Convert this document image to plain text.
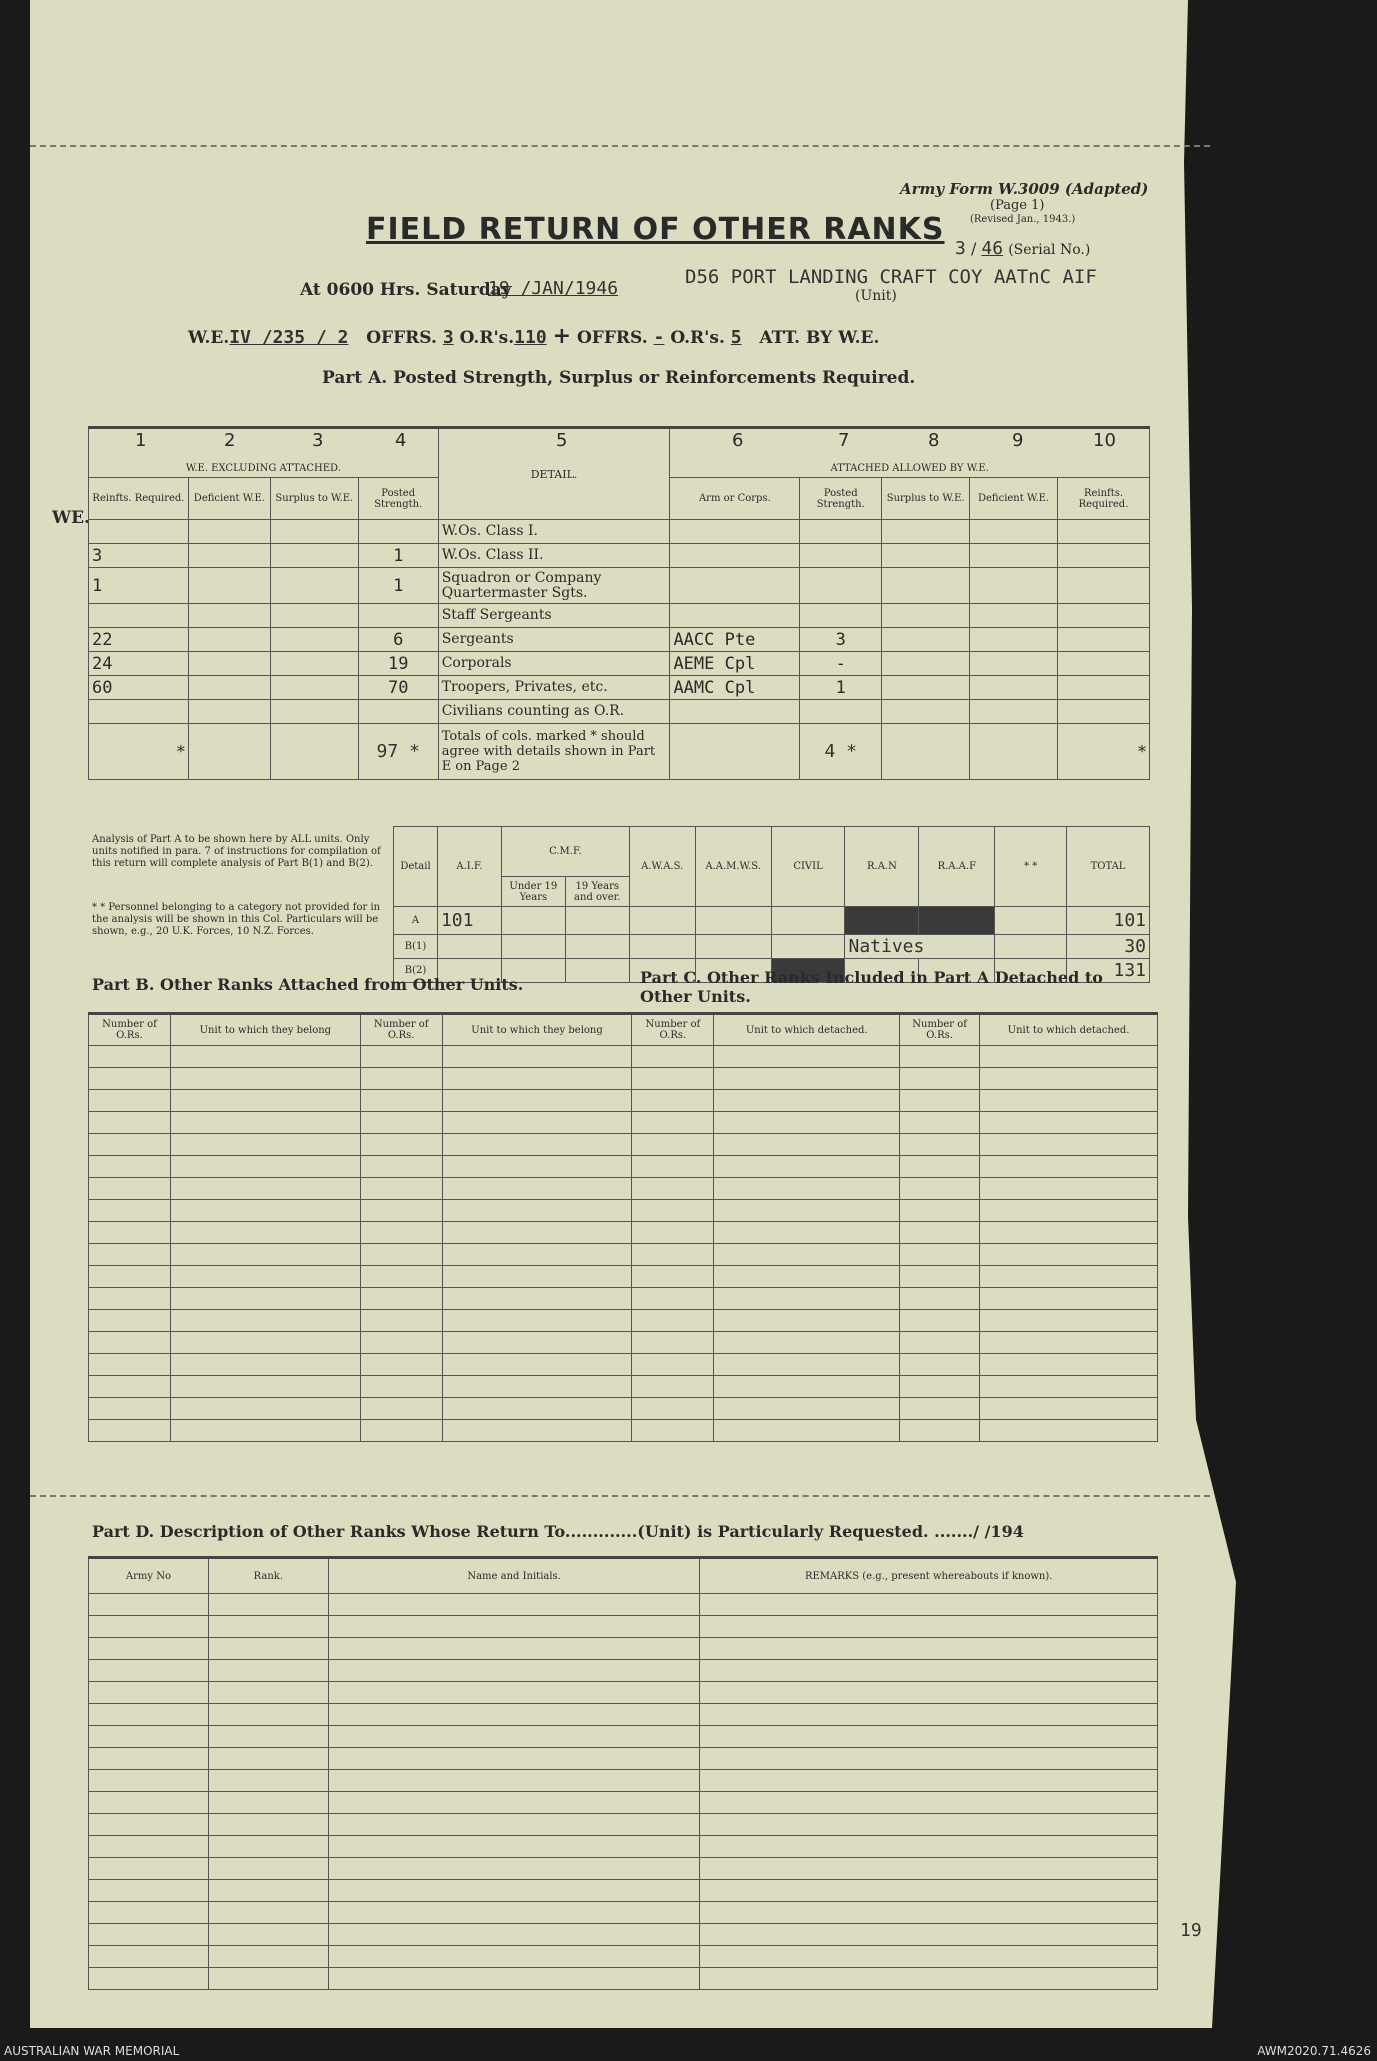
Army Form W.3009 (Adapted)
(Page 1)
(Revised Jan., 1943.)
FIELD RETURN OF OTHER RANKS
3 / 46 (Serial No.)
At 0600 Hrs. Saturday
19 /JAN/1946
D56 PORT LANDING CRAFT COY AATnC AIF
(Unit)
W.E.IV /235 / 2 OFFRS. 3 O.R's.110 + OFFRS. - O.R's. 5 ATT. BY W.E.
Part A. Posted Strength, Surplus or Reinforcements Required.
1	2	3	4	5	6	7	8	9	10
WE.
				DETAIL.					
W.E. EXCLUDING ATTACHED.					ATTACHED ALLOWED BY W.E.				
Reinfts. Required.	Deficient W.E.	Surplus to W.E.	Posted Strength.		Arm or Corps.	Posted Strength.	Surplus to W.E.	Deficient W.E.	Reinfts. Required.
				W.Os. Class I.					
3			1	W.Os. Class II.					
1			1	Squadron or Company Quartermaster Sgts.					
				Staff Sergeants					
22			6	Sergeants	AACC Pte	3			
24			19	Corporals	AEME Cpl	-			
60			70	Troopers, Privates, etc.	AAMC Cpl	1			
				Civilians counting as O.R.					
*			97 *	Totals of cols. marked * should agree with details shown in Part E on Page 2		4 *			*
Analysis of Part A to be shown here by ALL units. Only units notified in para. 7 of instructions for compilation of this return will complete analysis of Part B(1) and B(2).
* * Personnel belonging to a category not provided for in the analysis will be shown in this Col. Particulars will be shown, e.g., 20 U.K. Forces, 10 N.Z. Forces.
Detail	A.I.F.	C.M.F.		A.W.A.S.	A.A.M.W.S.	CIVIL	R.A.N	R.A.A.F	* *	TOTAL
		Under 19 Years	19 Years and over.							
A	101									101
B(1)							Natives			30
B(2)										131
Part B. Other Ranks Attached from Other Units.	Part C. Other Ranks Included in Part A Detached to Other Units.
Number of O.Rs.	Unit to which they belong	Number of O.Rs.	Unit to which they belong	Number of O.Rs.	Unit to which detached.	Number of O.Rs.	Unit to which detached.

Part D. Description of Other Ranks Whose Return To.............(Unit) is Particularly Requested. ......./ /194
Army No	Rank.	Name and Initials.	REMARKS (e.g., present whereabouts if known).

19
AUSTRALIAN WAR MEMORIAL	AWM2020.71.4626
